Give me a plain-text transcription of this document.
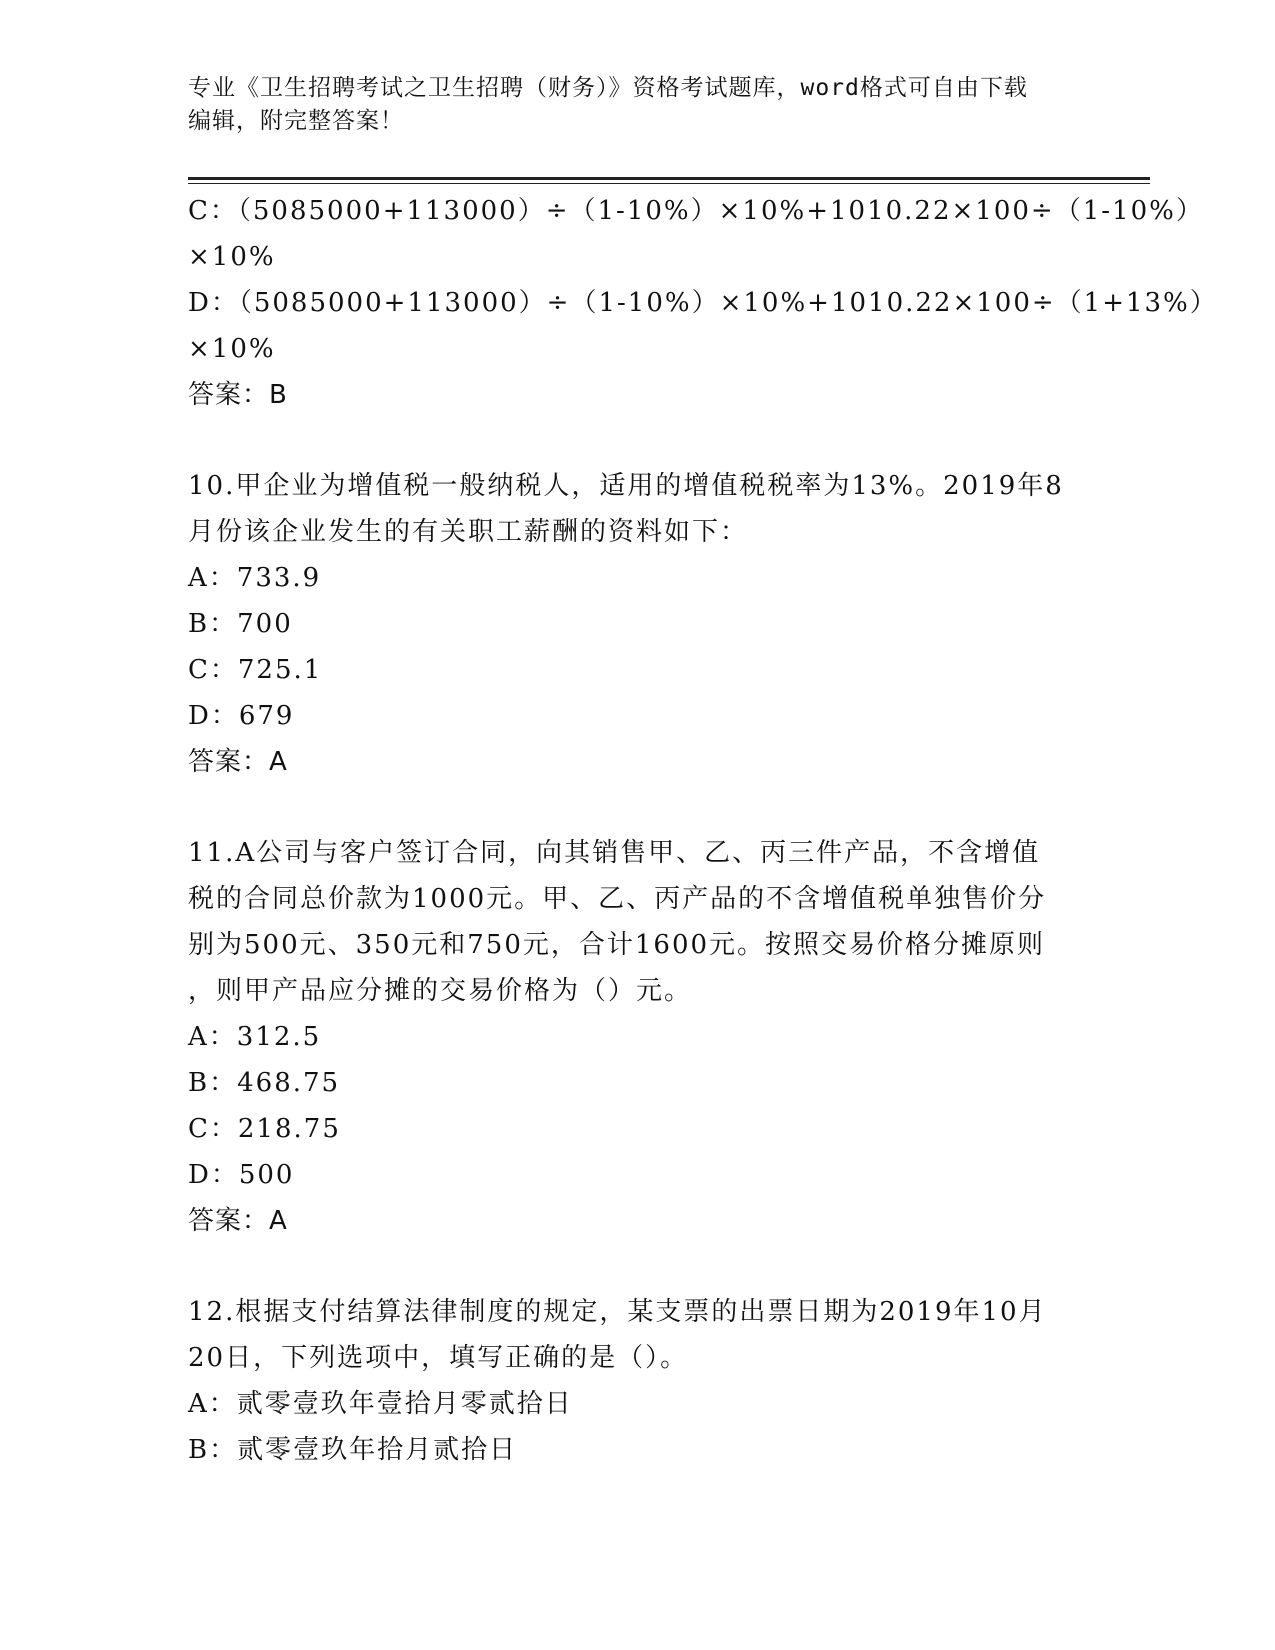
专业《卫生招聘考试之卫生招聘（财务）》资格考试题库，word格式可自由下载
编辑，附完整答案！
C：（5085000+113000）÷（1-10%）×10%+1010.22×100÷（1-10%）
×10%
D：（5085000+113000）÷（1-10%）×10%+1010.22×100÷（1+13%）
×10%
答案：B
10.甲企业为增值税一般纳税人，适用的增值税税率为13%。2019年8
月份该企业发生的有关职工薪酬的资料如下：
A：733.9
B：700
C：725.1
D：679
答案：A
11.A公司与客户签订合同，向其销售甲、乙、丙三件产品，不含增值
税的合同总价款为1000元。甲、乙、丙产品的不含增值税单独售价分
别为500元、350元和750元，合计1600元。按照交易价格分摊原则
，则甲产品应分摊的交易价格为（）元。
A：312.5
B：468.75
C：218.75
D：500
答案：A
12.根据支付结算法律制度的规定，某支票的出票日期为2019年10月
20日，下列选项中，填写正确的是（）。
A：贰零壹玖年壹拾月零贰拾日
B：贰零壹玖年拾月贰拾日
